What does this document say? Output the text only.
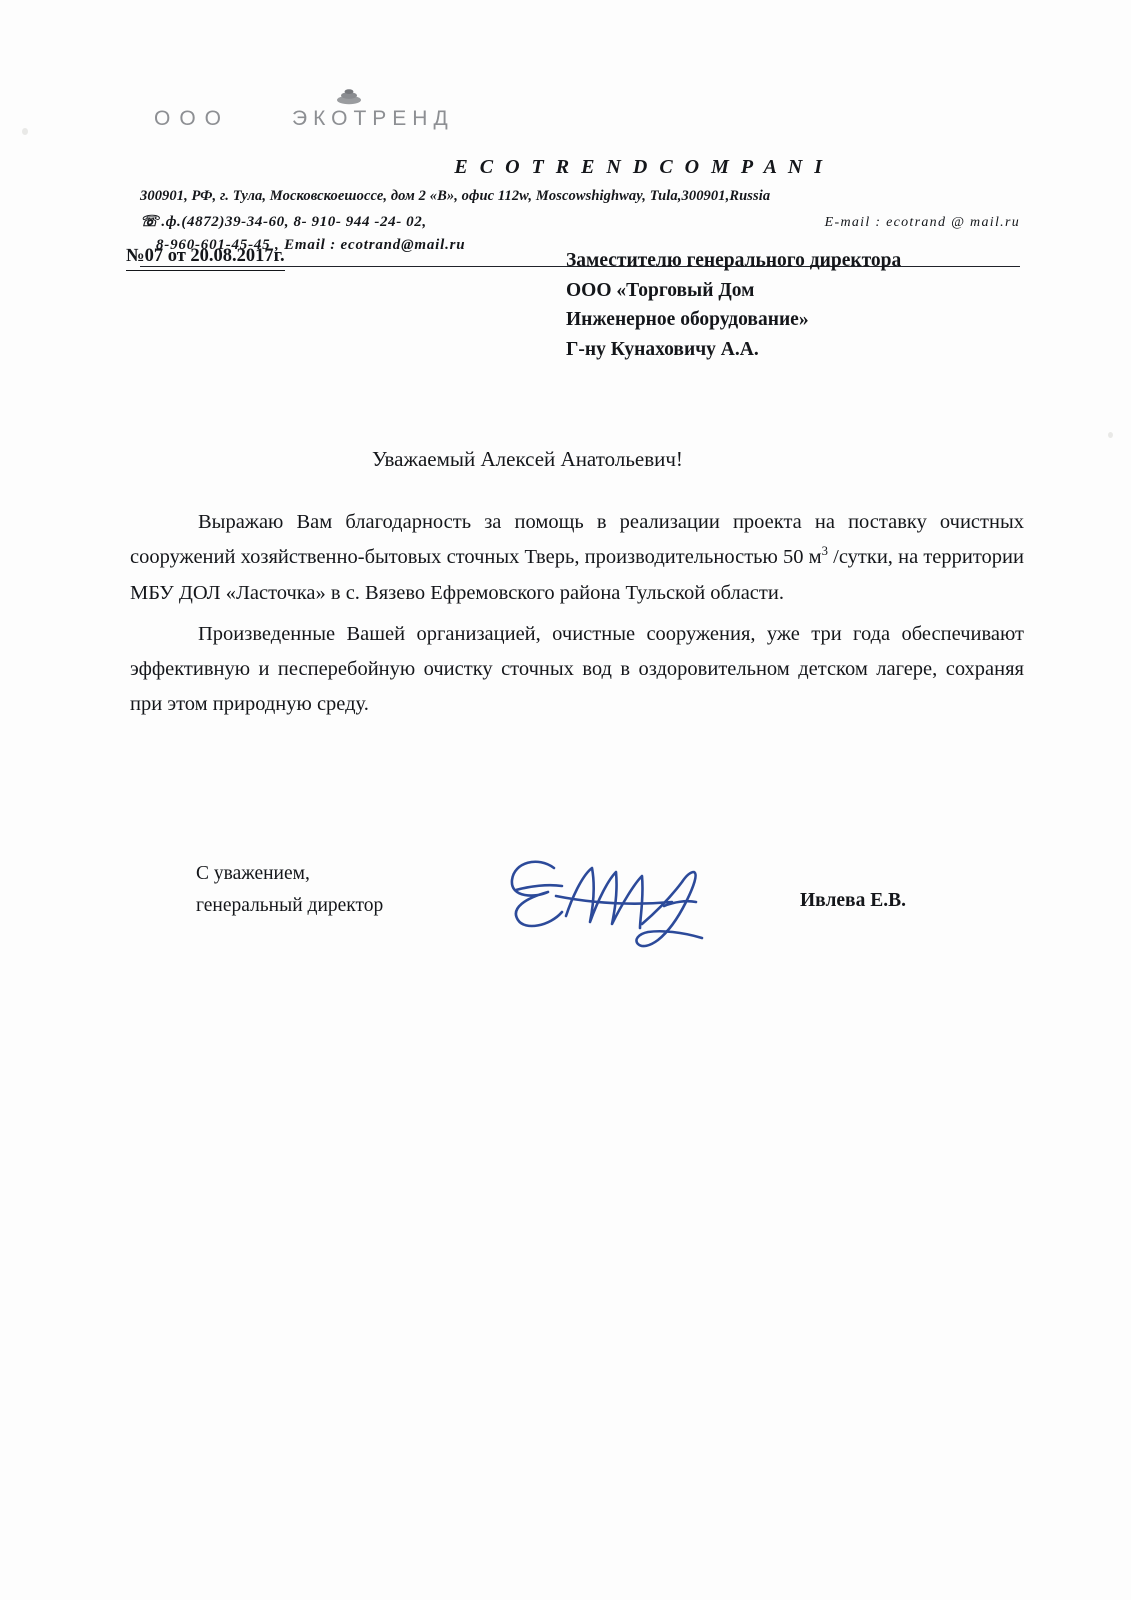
ООО	ЭКОТРЕНД
E C O T R E N D C O M P A N I
300901, РФ, г. Тула, Московскоешоссе, дом 2 «В», офис 112w, Moscowshighway, Tula,300901,Russia
☏ .ф.(4872)39-34-60, 8- 910- 944 -24- 02,	E-mail : ecotrand @ mail.ru
8-960-601-45-45 , Email : ecotrand@mail.ru
№07 от 20.08.2017г.	Заместителю генерального директора
ООО «Торговый Дом
Инженерное оборудование»
Г-ну Кунаховичу А.А.
Уважаемый Алексей Анатольевич!

Выражаю Вам благодарность за помощь в реализации проекта на поставку очистных сооружений хозяйственно-бытовых сточных Тверь, производительностью 50 $м^3$ /сутки, на территории МБУ ДОЛ «Ласточка» в с. Вязево Ефремовского района Тульской области.

Произведенные Вашей организацией, очистные сооружения, уже три года обеспечивают эффективную и песперебойную очистку сточных вод в оздоровительном детском лагере, сохраняя при этом природную среду.

С уважением,
генеральный директор	Ивлева Е.В.
